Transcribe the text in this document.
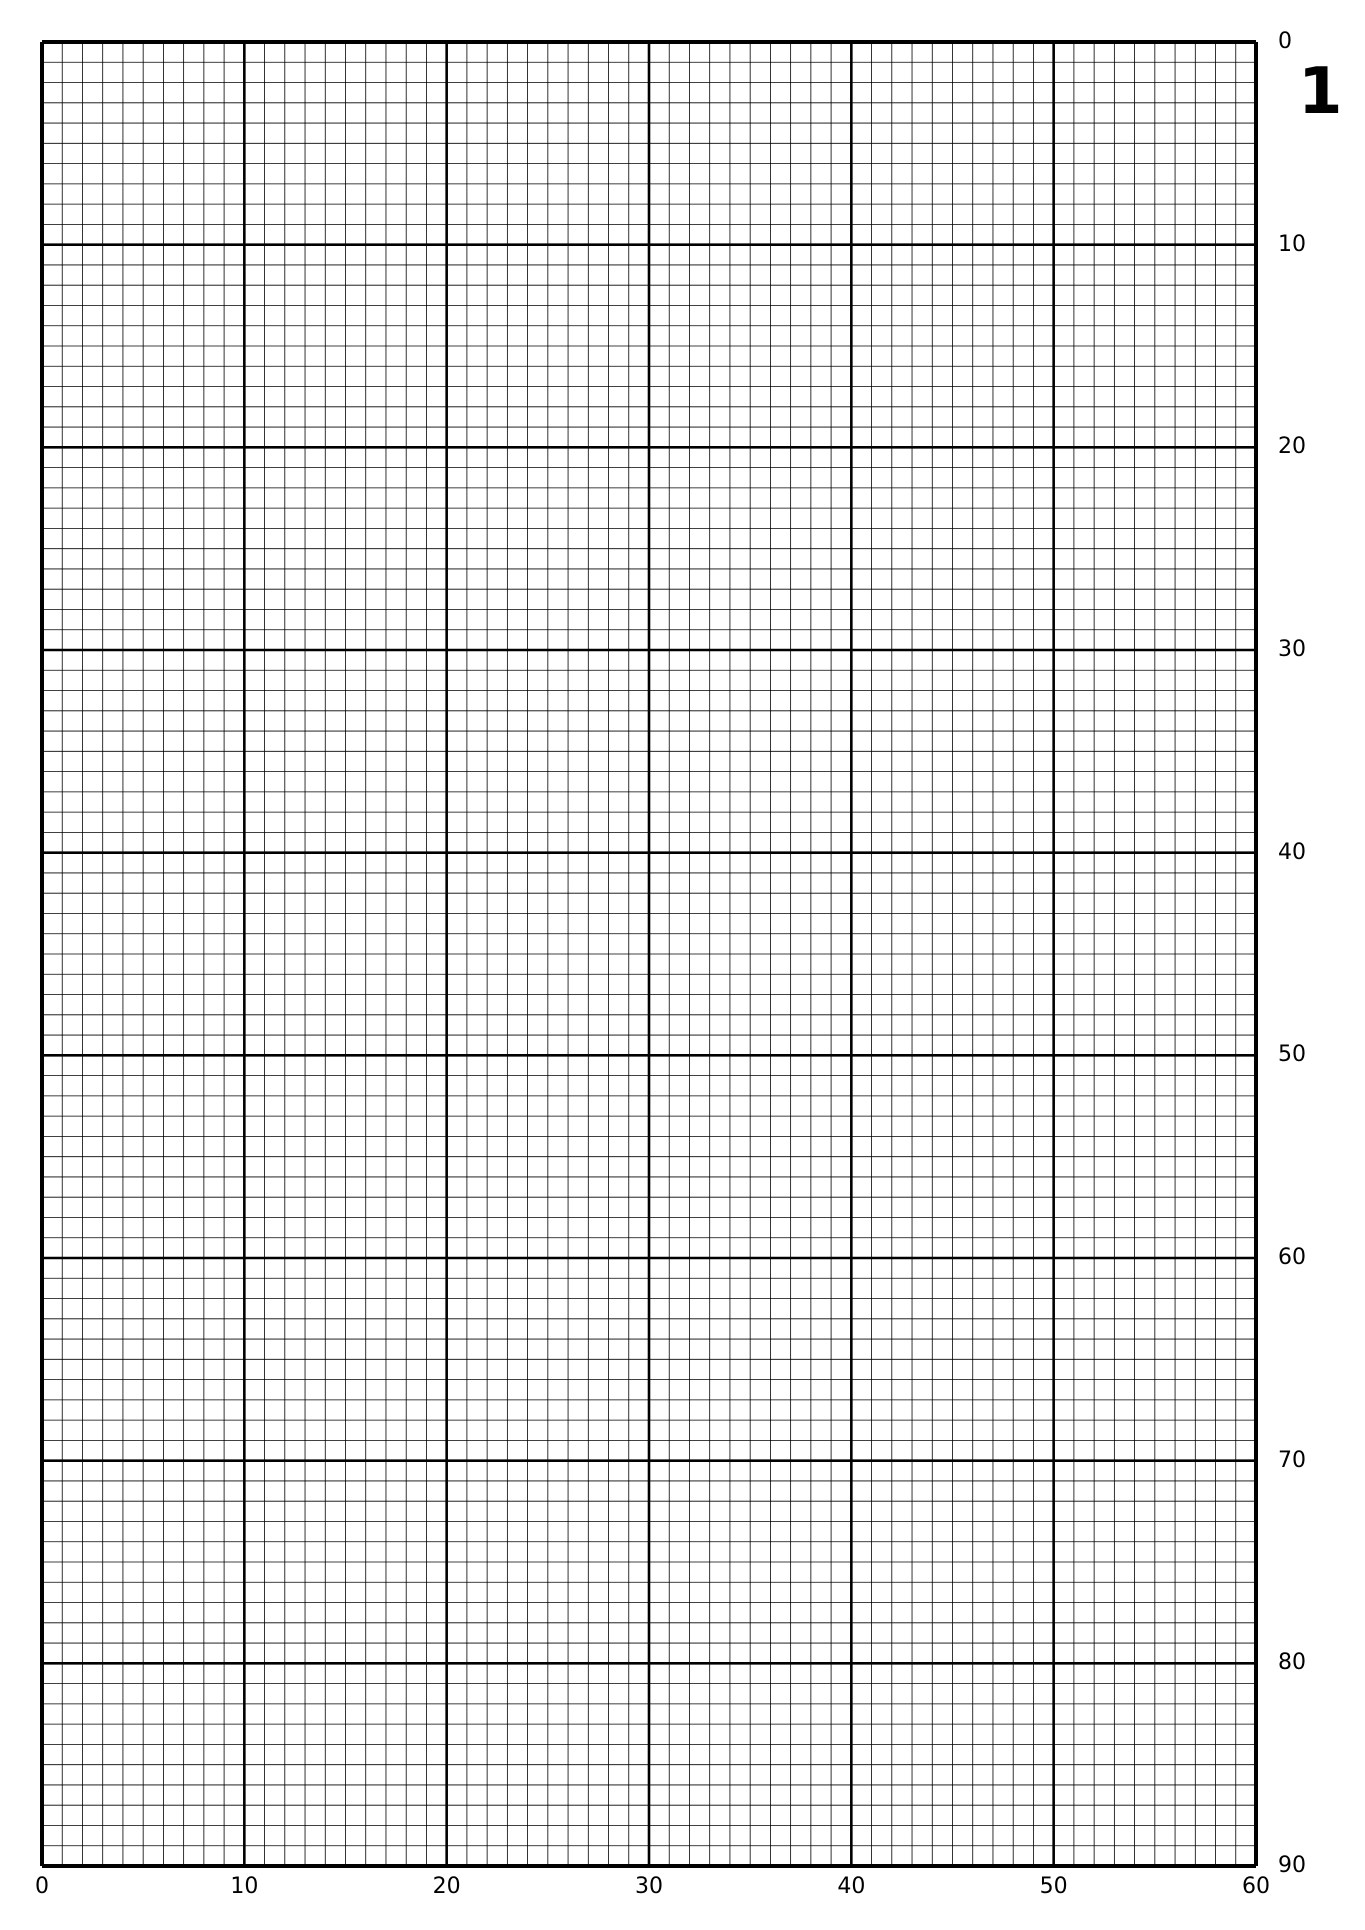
0	10	20	30	40	50	60
0
10
20
30
40
50
60
70
80
90
1
